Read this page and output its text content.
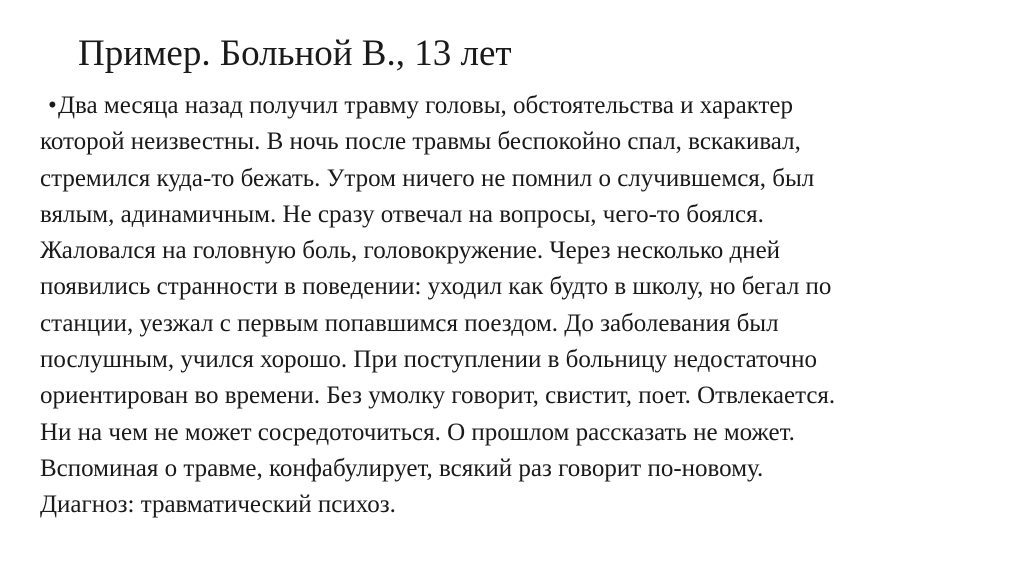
Пример. Больной В., 13 лет
•Два месяца назад получил травму головы, обстоятельства и характер
которой неизвестны. В ночь после травмы беспокойно спал, вскакивал,
стремился куда-то бежать. Утром ничего не помнил о случившемся, был
вялым, адинамичным. Не сразу отвечал на вопросы, чего-то боялся.
Жаловался на головную боль, головокружение. Через несколько дней
появились странности в поведении: уходил как будто в школу, но бегал по
станции, уезжал с первым попавшимся поездом. До заболевания был
послушным, учился хорошо. При поступлении в больницу недостаточно
ориентирован во времени. Без умолку говорит, свистит, поет. Отвлекается.
Ни на чем не может сосредоточиться. О прошлом рассказать не может.
Вспоминая о травме, конфабулирует, всякий раз говорит по-новому.
Диагноз: травматический психоз.
